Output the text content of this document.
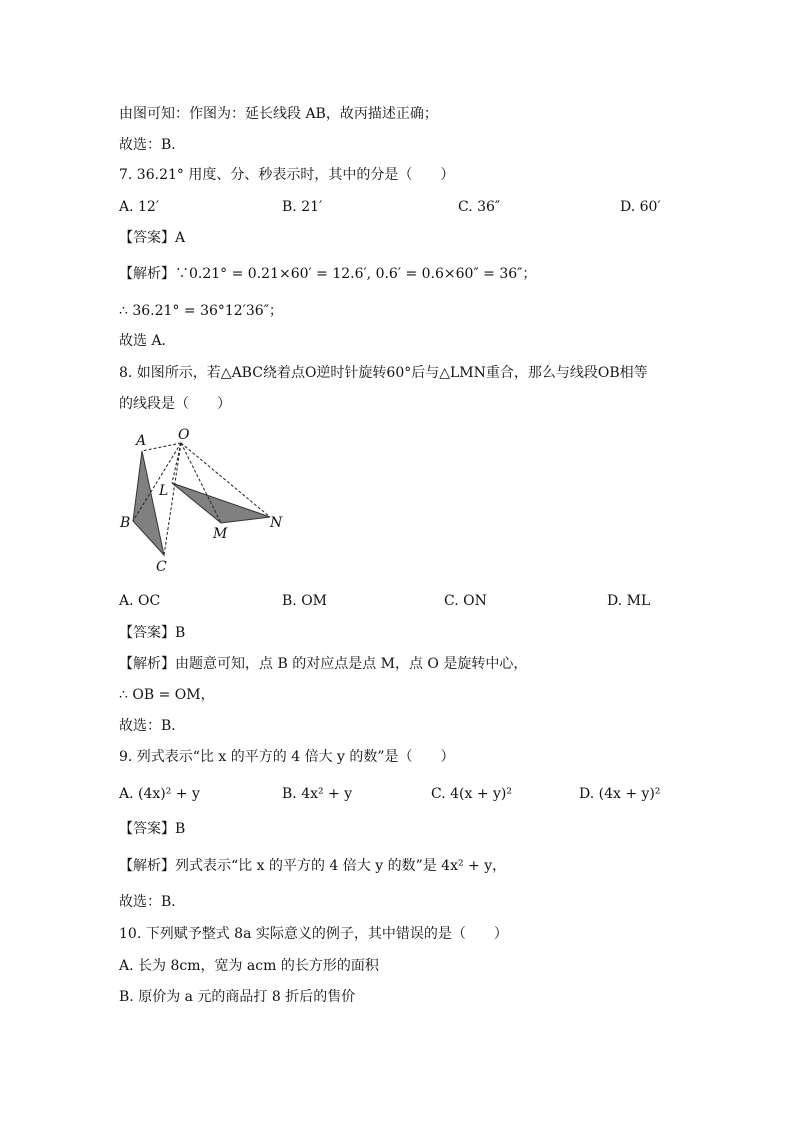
由图可知：作图为：延长线段 AB，故丙描述正确；
故选：B．
7. 36.21° 用度、分、秒表示时，其中的分是（　　）
A. 12′	B. 21′	C. 36″	D. 60′
【答案】A
【解析】∵0.21° = 0.21×60′ = 12.6′, 0.6′ = 0.6×60″ = 36″；
∴ 36.21° = 36°12′36″；
故选 A．
8. 如图所示，若△ABC绕着点O逆时针旋转60°后与△LMN重合，那么与线段OB相等
的线段是（　　）
A O
L
B
M
N
C
A. OC	B. OM	C. ON	D. ML
【答案】B
【解析】由题意可知，点 B 的对应点是点 M，点 O 是旋转中心，
∴ OB = OM，
故选：B．
9. 列式表示“比 x 的平方的 4 倍大 y 的数”是（　　）
A. (4x)² + y	B. 4x² + y	C. 4(x + y)²	D. (4x + y)²
【答案】B
【解析】列式表示“比 x 的平方的 4 倍大 y 的数”是 4x² + y，
故选：B．
10. 下列赋予整式 8a 实际意义的例子，其中错误的是（　　）
A. 长为 8cm，宽为 acm 的长方形的面积
B. 原价为 a 元的商品打 8 折后的售价
